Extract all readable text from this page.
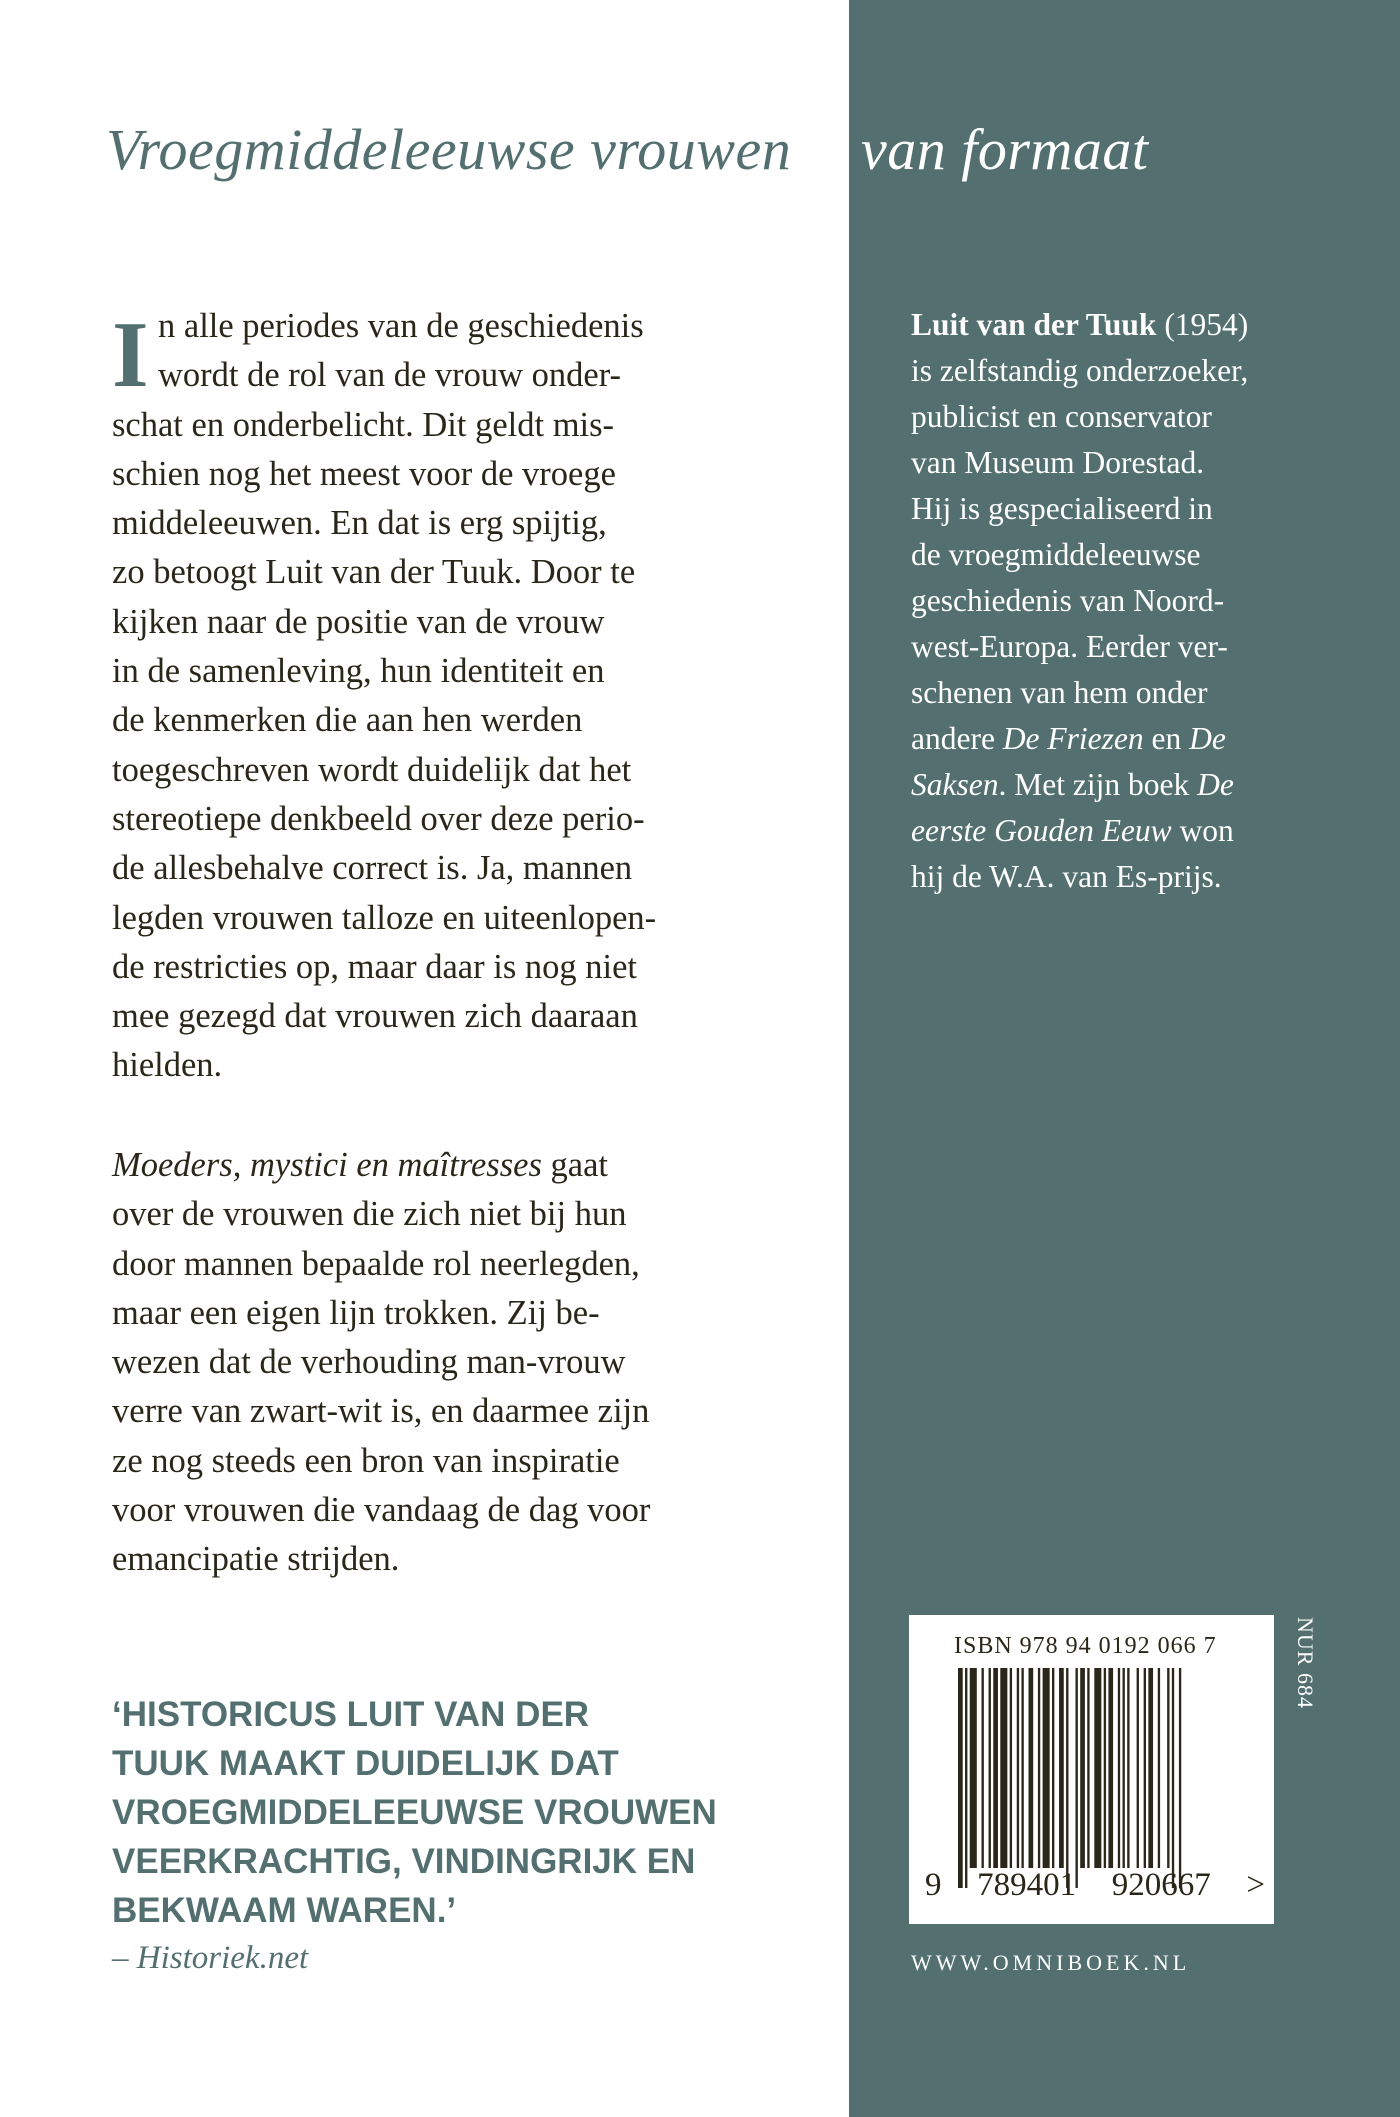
Vroegmiddeleeuwse vrouwen van formaat
I n alle periodes van de geschiedenis
wordt de rol van de vrouw onder-
schat en onderbelicht. Dit geldt mis-
schien nog het meest voor de vroege
middeleeuwen. En dat is erg spijtig,
zo betoogt Luit van der Tuuk. Door te
kijken naar de positie van de vrouw
in de samenleving, hun identiteit en
de kenmerken die aan hen werden
toegeschreven wordt duidelijk dat het
stereotiepe denkbeeld over deze perio-
de allesbehalve correct is. Ja, mannen
legden vrouwen talloze en uiteenlopen-
de restricties op, maar daar is nog niet
mee gezegd dat vrouwen zich daaraan
hielden.
Moeders, mystici en maîtresses gaat
over de vrouwen die zich niet bij hun
door mannen bepaalde rol neerlegden,
maar een eigen lijn trokken. Zij be-
wezen dat de verhouding man-vrouw
verre van zwart-wit is, en daarmee zijn
ze nog steeds een bron van inspiratie
voor vrouwen die vandaag de dag voor
emancipatie strijden.
‘HISTORICUS LUIT VAN DER
TUUK MAAKT DUIDELIJK DAT
VROEGMIDDELEEUWSE VROUWEN
VEERKRACHTIG, VINDINGRIJK EN
BEKWAAM WAREN.’
– Historiek.net
Luit van der Tuuk (1954)
is zelfstandig onderzoeker,
publicist en conservator
van Museum Dorestad.
Hij is gespecialiseerd in
de vroegmiddeleeuwse
geschiedenis van Noord-
west-Europa. Eerder ver-
schenen van hem onder
andere De Friezen en De
Saksen. Met zijn boek De
eerste Gouden Eeuw won
hij de W.A. van Es-prijs.
ISBN 978 94 0192 066 7
9 789401 920667 >
NUR 684
WWW.OMNIBOEK.NL
